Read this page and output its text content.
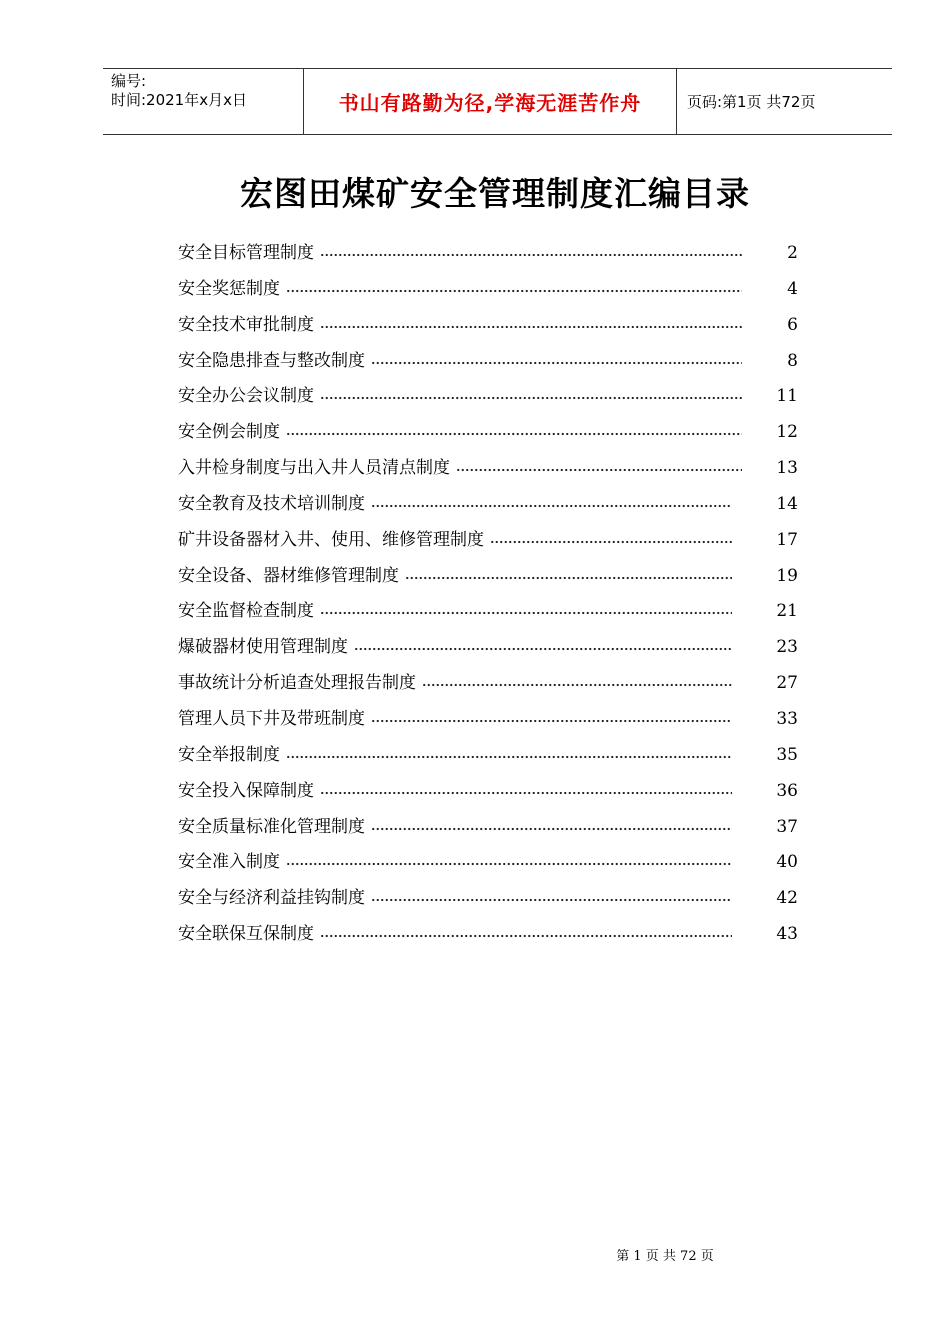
编号:
时间:2021年x月x日	书山有路勤为径,学海无涯苦作舟	页码:第1页 共72页
宏图田煤矿安全管理制度汇编目录
安全目标管理制度	2
安全奖惩制度	4
安全技术审批制度	6
安全隐患排查与整改制度	8
安全办公会议制度	11
安全例会制度	12
入井检身制度与出入井人员清点制度	13
安全教育及技术培训制度	14
矿井设备器材入井、使用、维修管理制度	17
安全设备、器材维修管理制度	19
安全监督检查制度	21
爆破器材使用管理制度	23
事故统计分析追查处理报告制度	27
管理人员下井及带班制度	33
安全举报制度	35
安全投入保障制度	36
安全质量标准化管理制度	37
安全准入制度	40
安全与经济利益挂钩制度	42
安全联保互保制度	43
第 1 页 共 72 页
